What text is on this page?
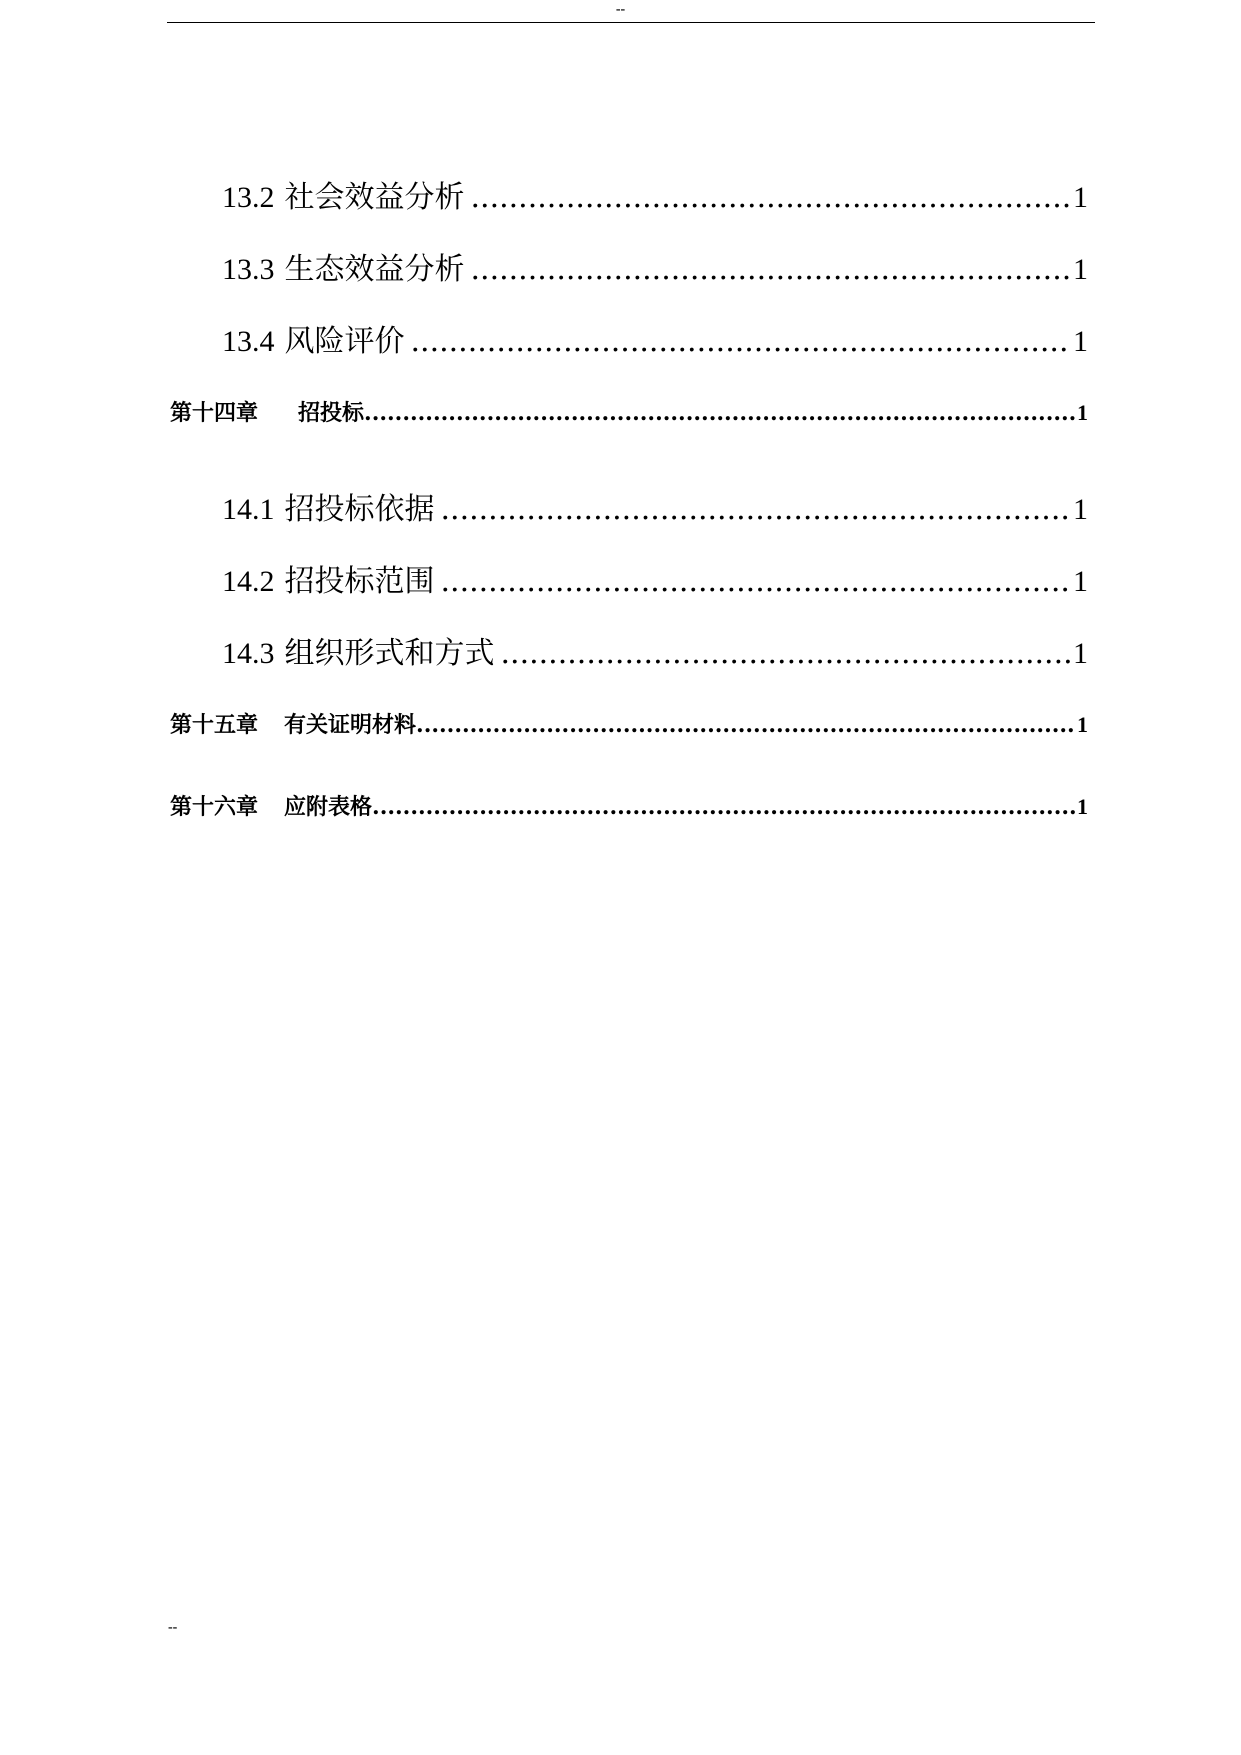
--
13.2 社会效益分析 .....	1
13.3 生态效益分析 .....	1
13.4 风险评价 .....	1
第十四章 招投标 .....	1
14.1 招投标依据 .....	1
14.2 招投标范围 .....	1
14.3 组织形式和方式 .....	1
第十五章 有关证明材料 .....	1
第十六章 应附表格 .....	1
--
